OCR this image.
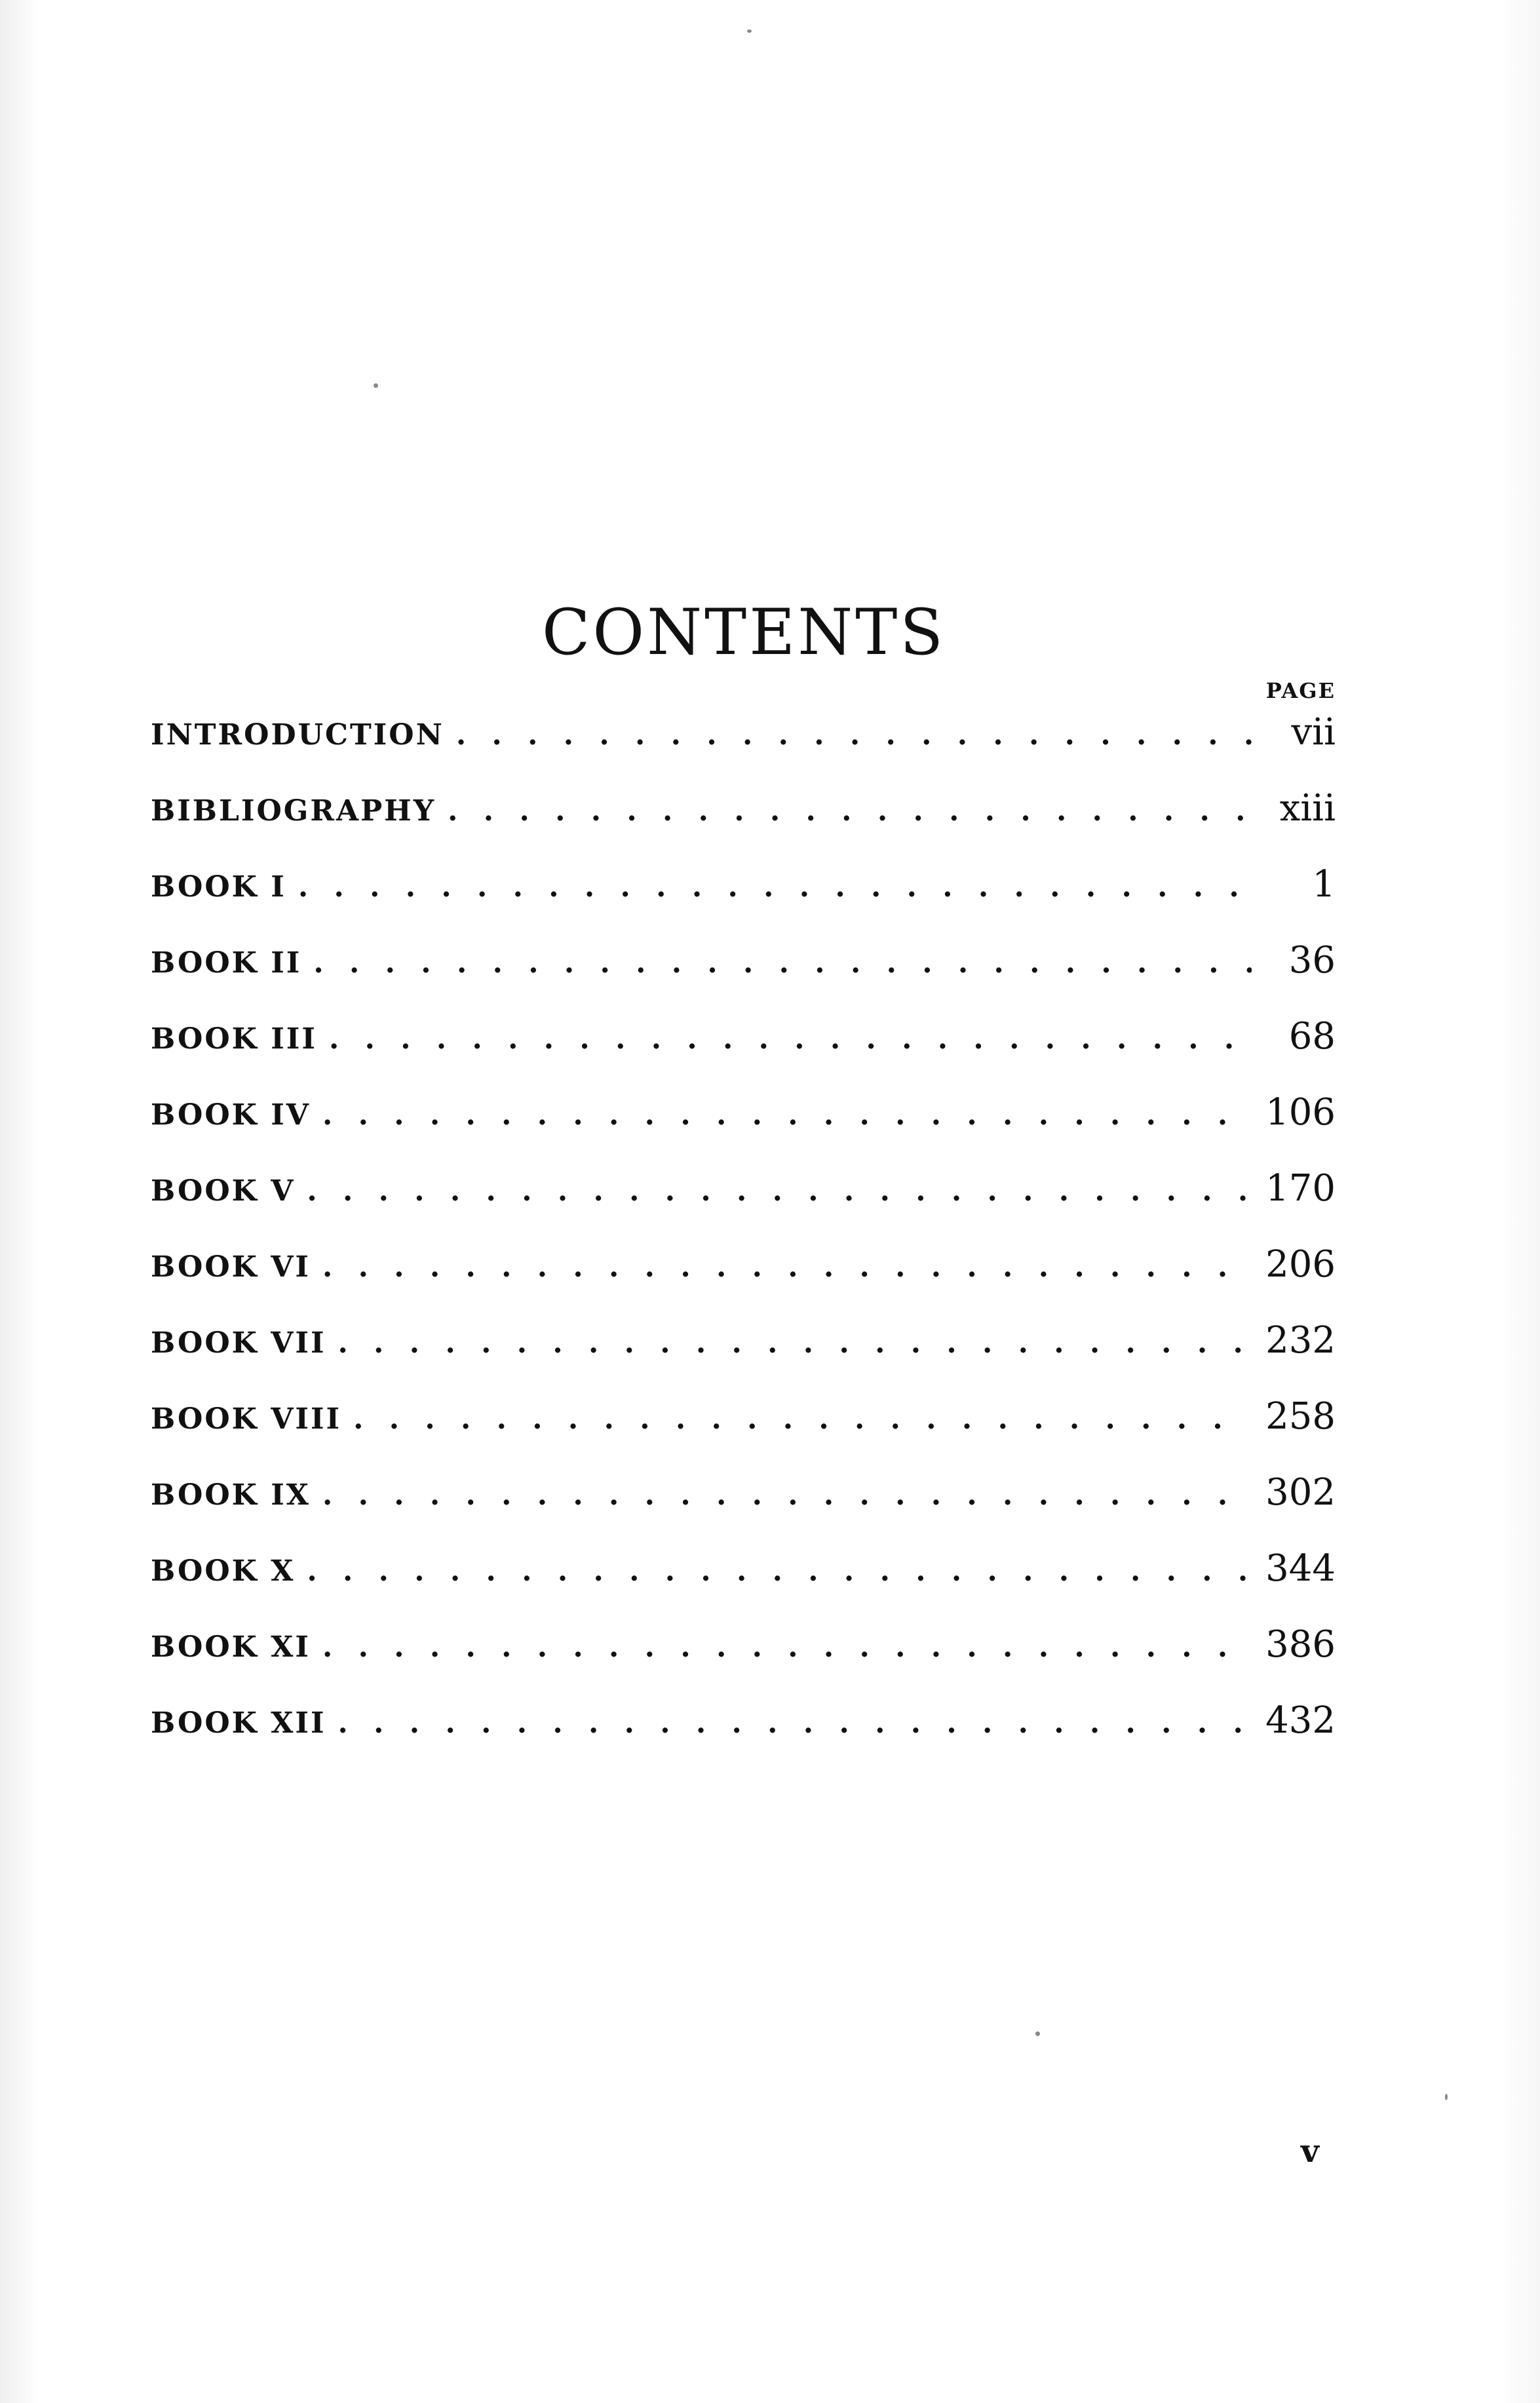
CONTENTS
PAGE
INTRODUCTION . . .	vii
BIBLIOGRAPHY . . .	xiii
BOOK I . . .	1
BOOK II . . .	36
BOOK III . . .	68
BOOK IV . . .	106
BOOK V . . .	170
BOOK VI . . .	206
BOOK VII . . .	232
BOOK VIII . . .	258
BOOK IX . . .	302
BOOK X . . .	344
BOOK XI . . .	386
BOOK XII . . .	432
v
